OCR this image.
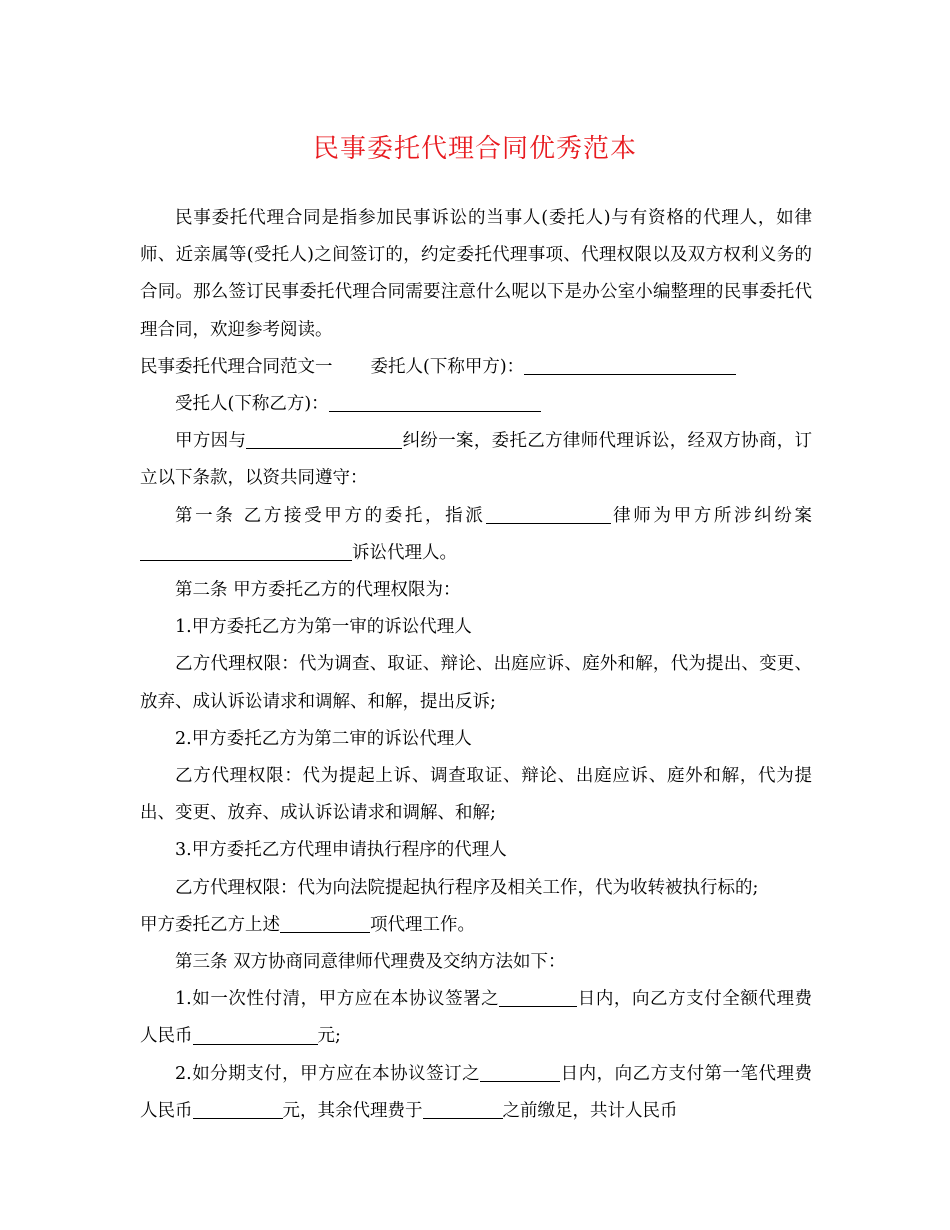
民事委托代理合同优秀范本

民事委托代理合同是指参加民事诉讼的当事人(委托人)与有资格的代理人，如律师、近亲属等(受托人)之间签订的，约定委托代理事项、代理权限以及双方权利义务的合同。那么签订民事委托代理合同需要注意什么呢以下是办公室小编整理的民事委托代理合同，欢迎参考阅读。

民事委托代理合同范文一 委托人(下称甲方)：

受托人(下称乙方)：

甲方因与	纠纷一案，委托乙方律师代理诉讼，经双方协商，订立以下条款，以资共同遵守：

第一条 乙方接受甲方的委托，指派	律师为甲方所涉纠纷案诉讼代理人。

第二条 甲方委托乙方的代理权限为：

1.甲方委托乙方为第一审的诉讼代理人

乙方代理权限：代为调查、取证、辩论、出庭应诉、庭外和解，代为提出、变更、放弃、成认诉讼请求和调解、和解，提出反诉;

2.甲方委托乙方为第二审的诉讼代理人

乙方代理权限：代为提起上诉、调查取证、辩论、出庭应诉、庭外和解，代为提出、变更、放弃、成认诉讼请求和调解、和解;

3.甲方委托乙方代理申请执行程序的代理人

乙方代理权限：代为向法院提起执行程序及相关工作，代为收转被执行标的;

甲方委托乙方上述	项代理工作。

第三条 双方协商同意律师代理费及交纳方法如下：

1.如一次性付清，甲方应在本协议签署之	日内，向乙方支付全额代理费人民币	元;

2.如分期支付，甲方应在本协议签订之	日内，向乙方支付第一笔代理费人民币	元，其余代理费于	之前缴足，共计人民币
